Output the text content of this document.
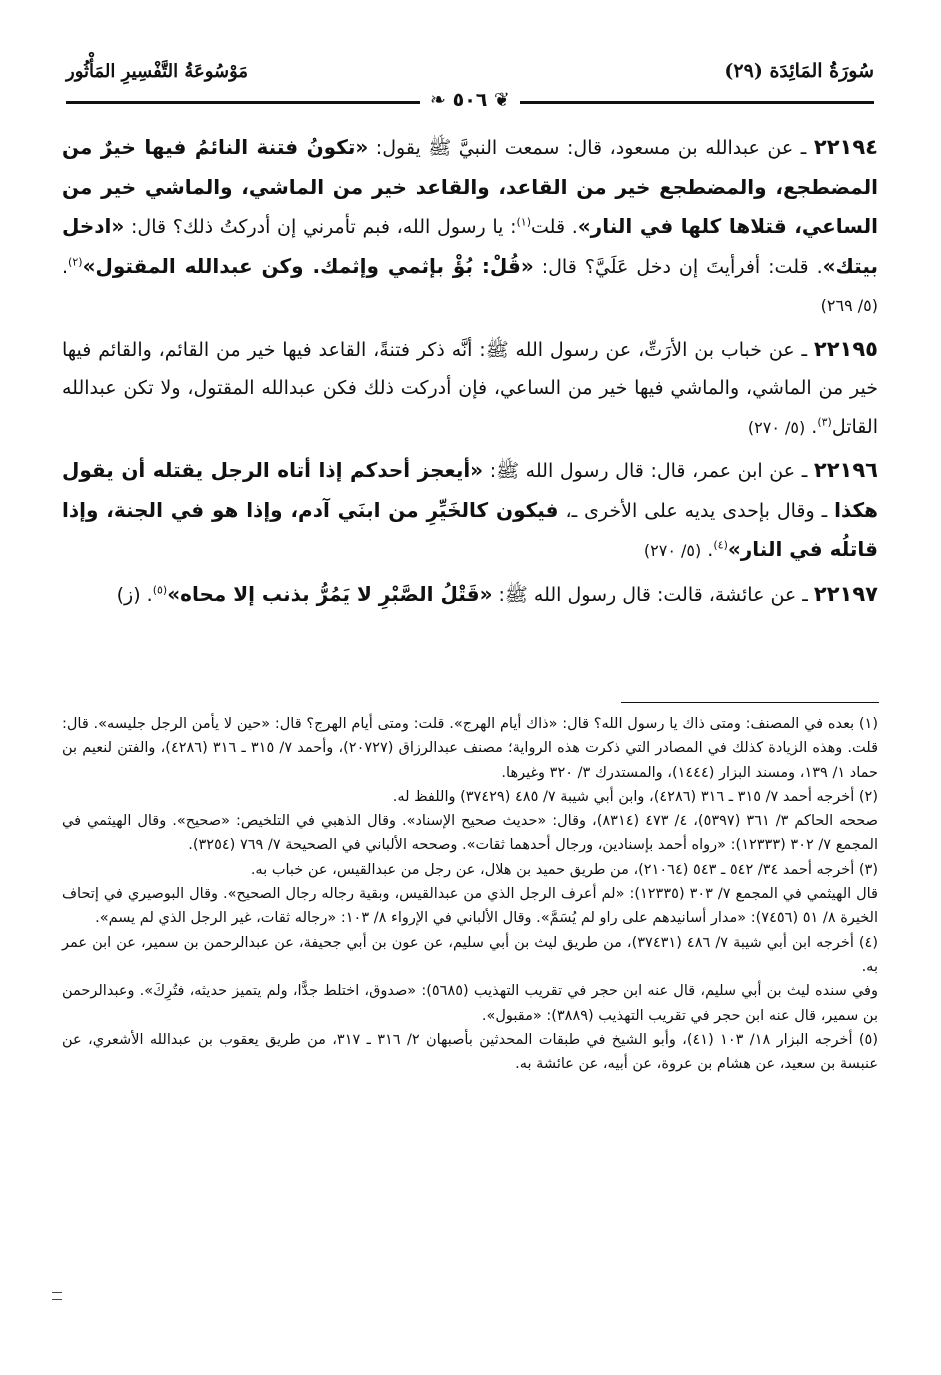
سُورَةُ المَائِدَة (٢٩)
مَوْسُوعَةُ التَّفْسِيرِ المَأْثُور
❦ ٥٠٦ ❧

٢٢١٩٤ ـ عن عبدالله بن مسعود، قال: سمعت النبيَّ ﷺ يقول: «تكونُ فتنة النائمُ فيها خيرٌ من المضطجع، والمضطجع خير من القاعد، والقاعد خير من الماشي، والماشي خير من الساعي، قتلاها كلها في النار». قلت$^{(١)}$: يا رسول الله، فبم تأمرني إن أدركتُ ذلك؟ قال: «ادخل بيتك». قلت: أفرأيتَ إن دخل عَلَيَّ؟ قال: «قُلْ: بُؤْ بإثمي وإثمك. وكن عبدالله المقتول»$^{(٢)}$. (٥/ ٢٦٩)

٢٢١٩٥ ـ عن خباب بن الأرَتِّ، عن رسول الله ﷺ: أنَّه ذكر فتنةً، القاعد فيها خير من القائم، والقائم فيها خير من الماشي، والماشي فيها خير من الساعي، فإن أدركت ذلك فكن عبدالله المقتول، ولا تكن عبدالله القاتل$^{(٣)}$. (٥/ ٢٧٠)

٢٢١٩٦ ـ عن ابن عمر، قال: قال رسول الله ﷺ: «أيعجز أحدكم إذا أتاه الرجل يقتله أن يقول هكذا ـ وقال بإحدى يديه على الأخرى ـ، فيكون كالخَيِّرِ من ابنَي آدم، وإذا هو في الجنة، وإذا قاتلُه في النار»$^{(٤)}$. (٥/ ٢٧٠)

٢٢١٩٧ ـ عن عائشة، قالت: قال رسول الله ﷺ: «قَتْلُ الصَّبْرِ لا يَمُرُّ بذنب إلا محاه»$^{(٥)}$. (ز)

(١) بعده في المصنف: ومتى ذاك يا رسول الله؟ قال: «ذاك أيام الهرج». قلت: ومتى أيام الهرج؟ قال: «حين لا يأمن الرجل جليسه». قال: قلت. وهذه الزيادة كذلك في المصادر التي ذكرت هذه الرواية؛ مصنف عبدالرزاق (٢٠٧٢٧)، وأحمد ٧/ ٣١٥ ـ ٣١٦ (٤٢٨٦)، والفتن لنعيم بن حماد ١/ ١٣٩، ومسند البزار (١٤٤٤)، والمستدرك ٣/ ٣٢٠ وغيرها.

(٢) أخرجه أحمد ٧/ ٣١٥ ـ ٣١٦ (٤٢٨٦)، وابن أبي شيبة ٧/ ٤٨٥ (٣٧٤٢٩) واللفظ له.

صححه الحاكم ٣/ ٣٦١ (٥٣٩٧)، ٤/ ٤٧٣ (٨٣١٤)، وقال: «حديث صحيح الإسناد». وقال الذهبي في التلخيص: «صحيح». وقال الهيثمي في المجمع ٧/ ٣٠٢ (١٢٣٣٣): «رواه أحمد بإسنادين، ورجال أحدهما ثقات». وصححه الألباني في الصحيحة ٧/ ٧٦٩ (٣٢٥٤).

(٣) أخرجه أحمد ٣٤/ ٥٤٢ ـ ٥٤٣ (٢١٠٦٤)، من طريق حميد بن هلال، عن رجل من عبدالقيس، عن خباب به.

قال الهيثمي في المجمع ٧/ ٣٠٣ (١٢٣٣٥): «لم أعرف الرجل الذي من عبدالقيس، وبقية رجاله رجال الصحيح». وقال البوصيري في إتحاف الخيرة ٨/ ٥١ (٧٤٥٦): «مدار أسانيدهم على راو لم يُسَمَّ». وقال الألباني في الإرواء ٨/ ١٠٣: «رجاله ثقات، غير الرجل الذي لم يسم».

(٤) أخرجه ابن أبي شيبة ٧/ ٤٨٦ (٣٧٤٣١)، من طريق ليث بن أبي سليم، عن عون بن أبي جحيفة، عن عبدالرحمن بن سمير، عن ابن عمر به.

وفي سنده ليث بن أبي سليم، قال عنه ابن حجر في تقريب التهذيب (٥٦٨٥): «صدوق، اختلط جدًّا، ولم يتميز حديثه، فتُرِكَ». وعبدالرحمن بن سمير، قال عنه ابن حجر في تقريب التهذيب (٣٨٨٩): «مقبول».

(٥) أخرجه البزار ١٨/ ١٠٣ (٤١)، وأبو الشيخ في طبقات المحدثين بأصبهان ٢/ ٣١٦ ـ ٣١٧، من طريق يعقوب بن عبدالله الأشعري، عن عنبسة بن سعيد، عن هشام بن عروة، عن أبيه، عن عائشة به.
